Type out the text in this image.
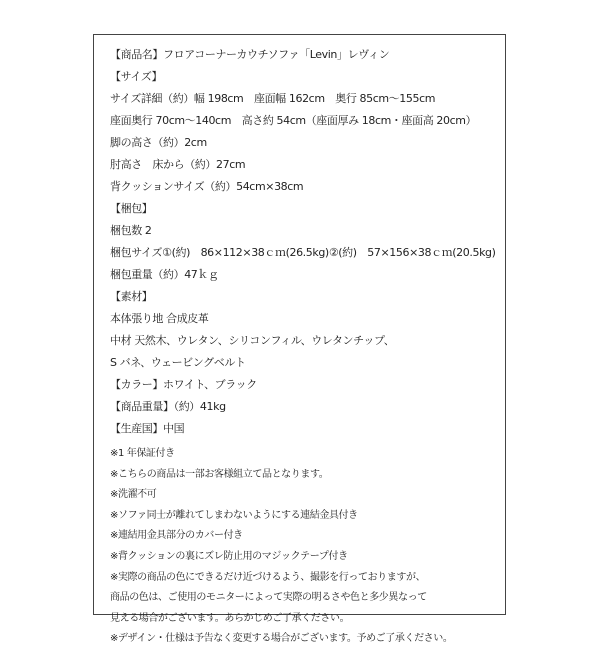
【商品名】フロアコーナーカウチソファ「Levin」レヴィン
【サイズ】
サイズ詳細（約）幅 198cm　座面幅 162cm　奥行 85cm～155cm
座面奥行 70cm～140cm　高さ約 54cm（座面厚み 18cm・座面高 20cm）
脚の高さ（約）2cm
肘高さ　床から（約）27cm
背クッションサイズ（約）54cm×38cm
【梱包】
梱包数 2
梱包サイズ①(約)　86×112×38ｃｍ(26.5kg)②(約)　57×156×38ｃｍ(20.5kg)
梱包重量（約）47ｋｇ
【素材】
本体張り地 合成皮革
中材 天然木、ウレタン、シリコンフィル、ウレタンチップ、
S バネ、ウェービングベルト
【カラー】ホワイト、ブラック
【商品重量】（約）41kg
【生産国】中国
※1 年保証付き
※こちらの商品は一部お客様組立て品となります。
※洗濯不可
※ソファ同士が離れてしまわないようにする連結金具付き
※連結用金具部分のカバー付き
※背クッションの裏にズレ防止用のマジックテープ付き
※実際の商品の色にできるだけ近づけるよう、撮影を行っておりますが、
商品の色は、ご使用のモニターによって実際の明るさや色と多少異なって
見える場合がございます。あらかじめご了承ください。
※デザイン・仕様は予告なく変更する場合がございます。予めご了承ください。
